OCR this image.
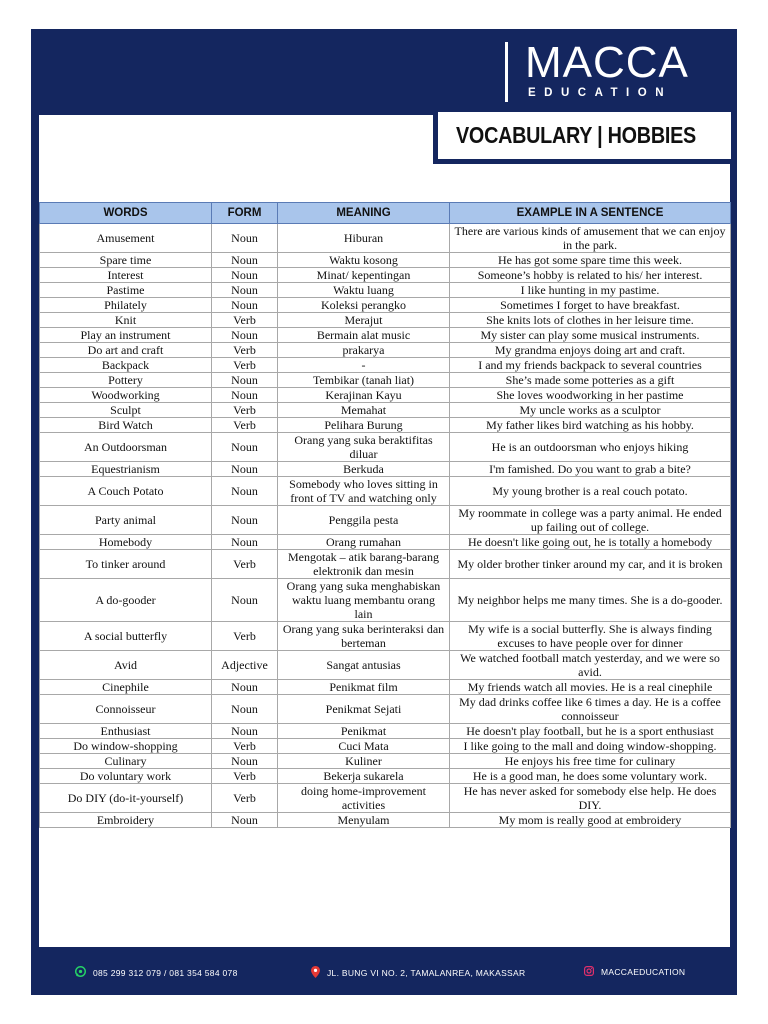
MACCA
EDUCATION
VOCABULARY | HOBBIES
WORDS	FORM	MEANING	EXAMPLE IN A SENTENCE
Amusement	Noun	Hiburan	There are various kinds of amusement that we can enjoy in the park.
Spare time	Noun	Waktu kosong	He has got some spare time this week.
Interest	Noun	Minat/ kepentingan	Someone’s hobby is related to his/ her interest.
Pastime	Noun	Waktu luang	I like hunting in my pastime.
Philately	Noun	Koleksi perangko	Sometimes I forget to have breakfast.
Knit	Verb	Merajut	She knits lots of clothes in her leisure time.
Play an instrument	Noun	Bermain alat music	My sister can play some musical instruments.
Do art and craft	Verb	prakarya	My grandma enjoys doing art and craft.
Backpack	Verb	-	I and my friends backpack to several countries
Pottery	Noun	Tembikar (tanah liat)	She’s made some potteries as a gift
Woodworking	Noun	Kerajinan Kayu	She loves woodworking in her pastime
Sculpt	Verb	Memahat	My uncle works as a sculptor
Bird Watch	Verb	Pelihara Burung	My father likes bird watching as his hobby.
An Outdoorsman	Noun	Orang yang suka beraktifitas diluar	He is an outdoorsman who enjoys hiking
Equestrianism	Noun	Berkuda	I'm famished. Do you want to grab a bite?
A Couch Potato	Noun	Somebody who loves sitting in front of TV and watching only	My young brother is a real couch potato.
Party animal	Noun	Penggila pesta	My roommate in college was a party animal. He ended up failing out of college.
Homebody	Noun	Orang rumahan	He doesn't like going out, he is totally a homebody
To tinker around	Verb	Mengotak – atik barang-barang elektronik dan mesin	My older brother tinker around my car, and it is broken
A do-gooder	Noun	Orang yang suka menghabiskan waktu luang membantu orang lain	My neighbor helps me many times. She is a do-gooder.
A social butterfly	Verb	Orang yang suka berinteraksi dan berteman	My wife is a social butterfly. She is always finding excuses to have people over for dinner
Avid	Adjective	Sangat antusias	We watched football match yesterday, and we were so avid.
Cinephile	Noun	Penikmat film	My friends watch all movies. He is a real cinephile
Connoisseur	Noun	Penikmat Sejati	My dad drinks coffee like 6 times a day. He is a coffee connoisseur
Enthusiast	Noun	Penikmat	He doesn't play football, but he is a sport enthusiast
Do window-shopping	Verb	Cuci Mata	I like going to the mall and doing window-shopping.
Culinary	Noun	Kuliner	He enjoys his free time for culinary
Do voluntary work	Verb	Bekerja sukarela	He is a good man, he does some voluntary work.
Do DIY (do-it-yourself)	Verb	doing home-improvement activities	He has never asked for somebody else help. He does DIY.
Embroidery	Noun	Menyulam	My mom is really good at embroidery
085 299 312 079 / 081 354 584 078	JL. BUNG VI NO. 2, TAMALANREA, MAKASSAR	MACCAEDUCATION
